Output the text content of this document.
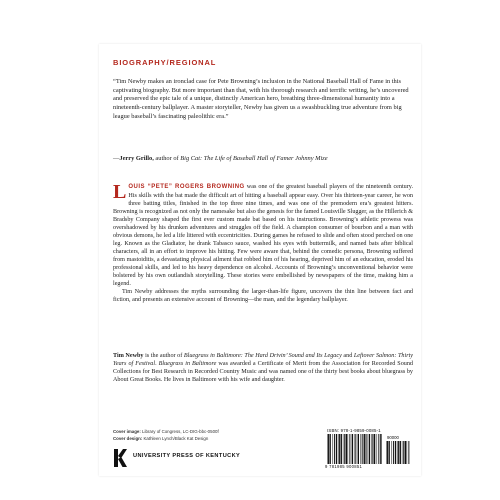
BIOGRAPHY/REGIONAL
“Tim Newby makes an ironclad case for Pete Browning’s inclusion in the National Baseball Hall of Fame in this captivating biography. But more important than that, with his thorough research and terrific writing, he’s uncovered and preserved the epic tale of a unique, distinctly American hero, breathing three-dimensional humanity into a nineteenth-century ballplayer. A master storyteller, Newby has given us a swashbuckling true adventure from big league baseball’s fascinating paleolithic era.”
—Jerry Grillo, author of Big Cat: The Life of Baseball Hall of Famer Johnny Mize

LOUIS “PETE” ROGERS BROWNING was one of the greatest baseball players of the nineteenth century. His skills with the bat made the difficult art of hitting a baseball appear easy. Over his thirteen-year career, he won three batting titles, finished in the top three nine times, and was one of the premodern era’s greatest hitters. Browning is recognized as not only the namesake but also the genesis for the famed Louisville Slugger, as the Hillerich & Bradsby Company shaped the first ever custom made bat based on his instructions. Browning’s athletic prowess was overshadowed by his drunken adventures and struggles off the field. A champion consumer of bourbon and a man with obvious demons, he led a life littered with eccentricities. During games he refused to slide and often stood perched on one leg. Known as the Gladiator, he drank Tabasco sauce, washed his eyes with buttermilk, and named bats after biblical characters, all in an effort to improve his hitting. Few were aware that, behind the comedic persona, Browning suffered from mastoiditis, a devastating physical ailment that robbed him of his hearing, deprived him of an education, eroded his professional skills, and led to his heavy dependence on alcohol. Accounts of Browning’s unconventional behavior were bolstered by his own outlandish storytelling. These stories were embellished by newspapers of the time, making him a legend.

Tim Newby addresses the myths surrounding the larger-than-life figure, uncovers the thin line between fact and fiction, and presents an extensive account of Browning—the man, and the legendary ballplayer.

Tim Newby is the author of Bluegrass in Baltimore: The Hard Drivin’ Sound and Its Legacy and Leftover Salmon: Thirty Years of Festival. Bluegrass in Baltimore was awarded a Certificate of Merit from the Association for Recorded Sound Collections for Best Research in Recorded Country Music and was named one of the thirty best books about bluegrass by About Great Books. He lives in Baltimore with his wife and daughter.
Cover image: Library of Congress, LC-DIG-bbc-0500f
Cover design: Kathleen Lynch/Black Kat Design
UNIVERSITY PRESS OF KENTUCKY
ISBN: 978-1-9859-0085-1
90000
9 781985 900851
